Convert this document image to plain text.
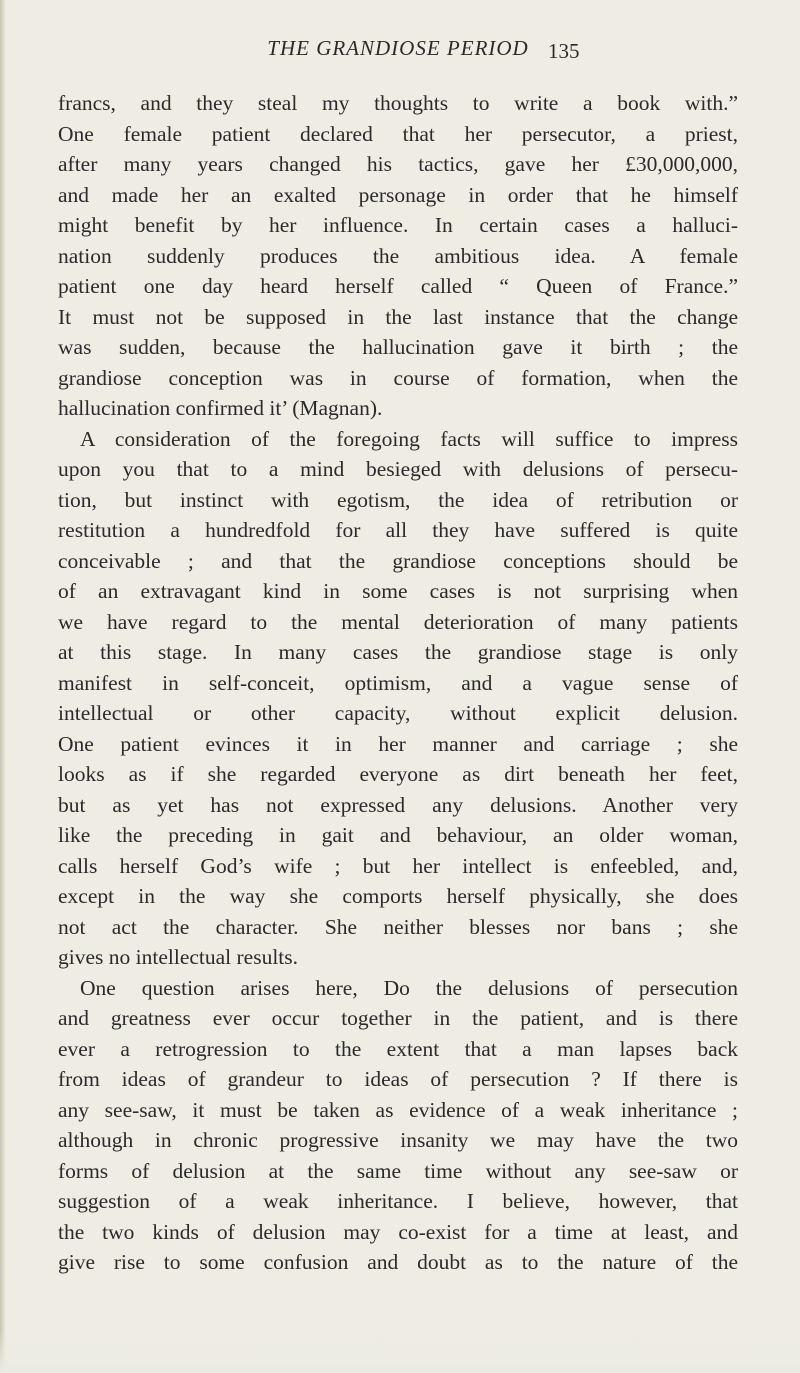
THE GRANDIOSE PERIOD 135
francs, and they steal my thoughts to write a book with.”
One female patient declared that her persecutor, a priest,
after many years changed his tactics, gave her £30,000,000,
and made her an exalted personage in order that he himself
might benefit by her influence. In certain cases a halluci-
nation suddenly produces the ambitious idea. A female
patient one day heard herself called “ Queen of France.”
It must not be supposed in the last instance that the change
was sudden, because the hallucination gave it birth ; the
grandiose conception was in course of formation, when the
hallucination confirmed it’ (Magnan).
A consideration of the foregoing facts will suffice to impress
upon you that to a mind besieged with delusions of persecu-
tion, but instinct with egotism, the idea of retribution or
restitution a hundredfold for all they have suffered is quite
conceivable ; and that the grandiose conceptions should be
of an extravagant kind in some cases is not surprising when
we have regard to the mental deterioration of many patients
at this stage. In many cases the grandiose stage is only
manifest in self-conceit, optimism, and a vague sense of
intellectual or other capacity, without explicit delusion.
One patient evinces it in her manner and carriage ; she
looks as if she regarded everyone as dirt beneath her feet,
but as yet has not expressed any delusions. Another very
like the preceding in gait and behaviour, an older woman,
calls herself God’s wife ; but her intellect is enfeebled, and,
except in the way she comports herself physically, she does
not act the character. She neither blesses nor bans ; she
gives no intellectual results.
One question arises here, Do the delusions of persecution
and greatness ever occur together in the patient, and is there
ever a retrogression to the extent that a man lapses back
from ideas of grandeur to ideas of persecution ? If there is
any see-saw, it must be taken as evidence of a weak inheritance ;
although in chronic progressive insanity we may have the two
forms of delusion at the same time without any see-saw or
suggestion of a weak inheritance. I believe, however, that
the two kinds of delusion may co-exist for a time at least, and
give rise to some confusion and doubt as to the nature of the
